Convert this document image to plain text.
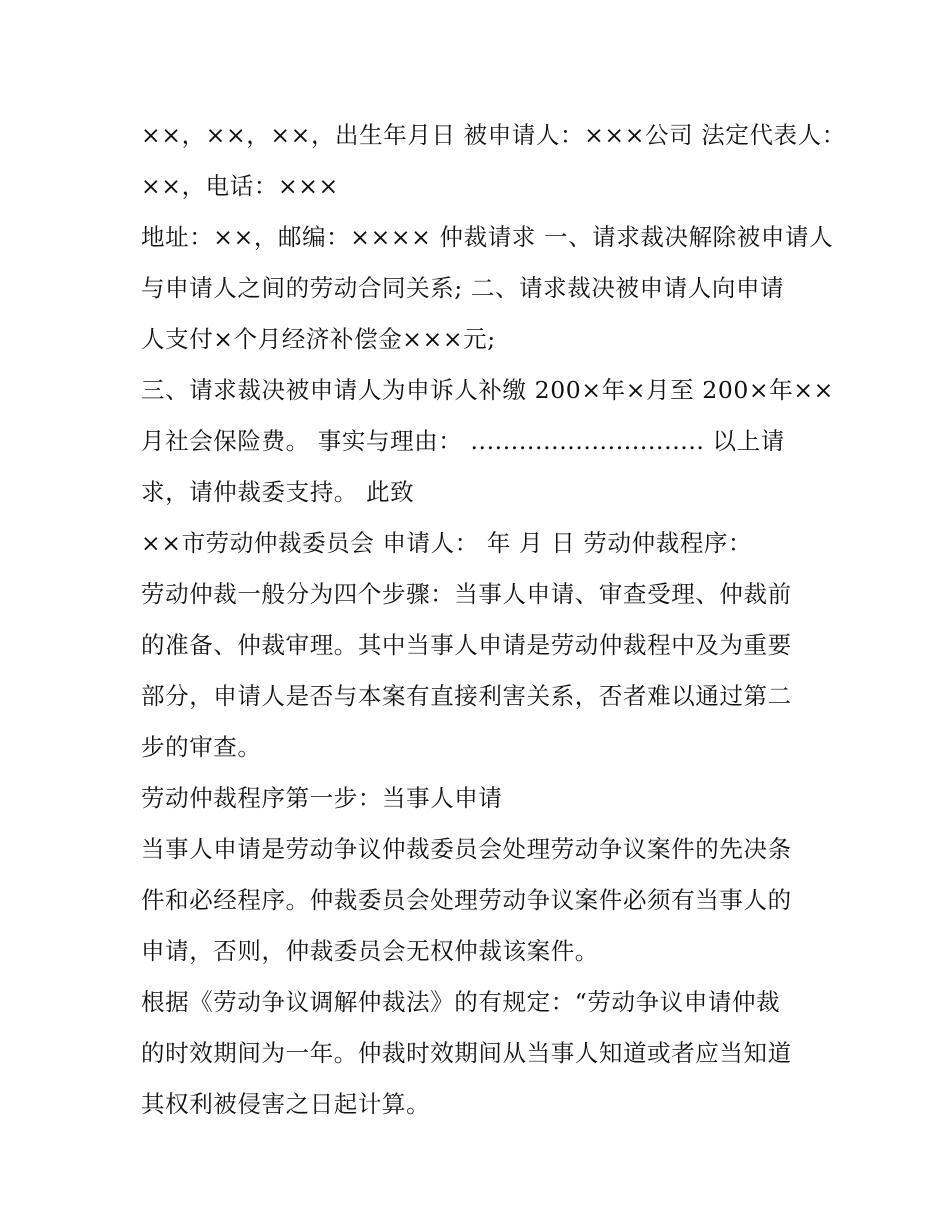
××，××，××，出生年月日 被申请人：×××公司 法定代表人：
××，电话：×××
地址：××，邮编：×××× 仲裁请求 一、请求裁决解除被申请人
与申请人之间的劳动合同关系; 二、请求裁决被申请人向申请
人支付×个月经济补偿金×××元;
三、请求裁决被申请人为申诉人补缴 200×年×月至 200×年××
月社会保险费。 事实与理由： ............................. 以上请
求，请仲裁委支持。 此致
××市劳动仲裁委员会 申请人： 年 月 日 劳动仲裁程序：
劳动仲裁一般分为四个步骤：当事人申请、审查受理、仲裁前
的准备、仲裁审理。其中当事人申请是劳动仲裁程中及为重要
部分，申请人是否与本案有直接利害关系，否者难以通过第二
步的审查。
劳动仲裁程序第一步：当事人申请
当事人申请是劳动争议仲裁委员会处理劳动争议案件的先决条
件和必经程序。仲裁委员会处理劳动争议案件必须有当事人的
申请，否则，仲裁委员会无权仲裁该案件。
根据《劳动争议调解仲裁法》的有规定：“劳动争议申请仲裁
的时效期间为一年。仲裁时效期间从当事人知道或者应当知道
其权利被侵害之日起计算。
